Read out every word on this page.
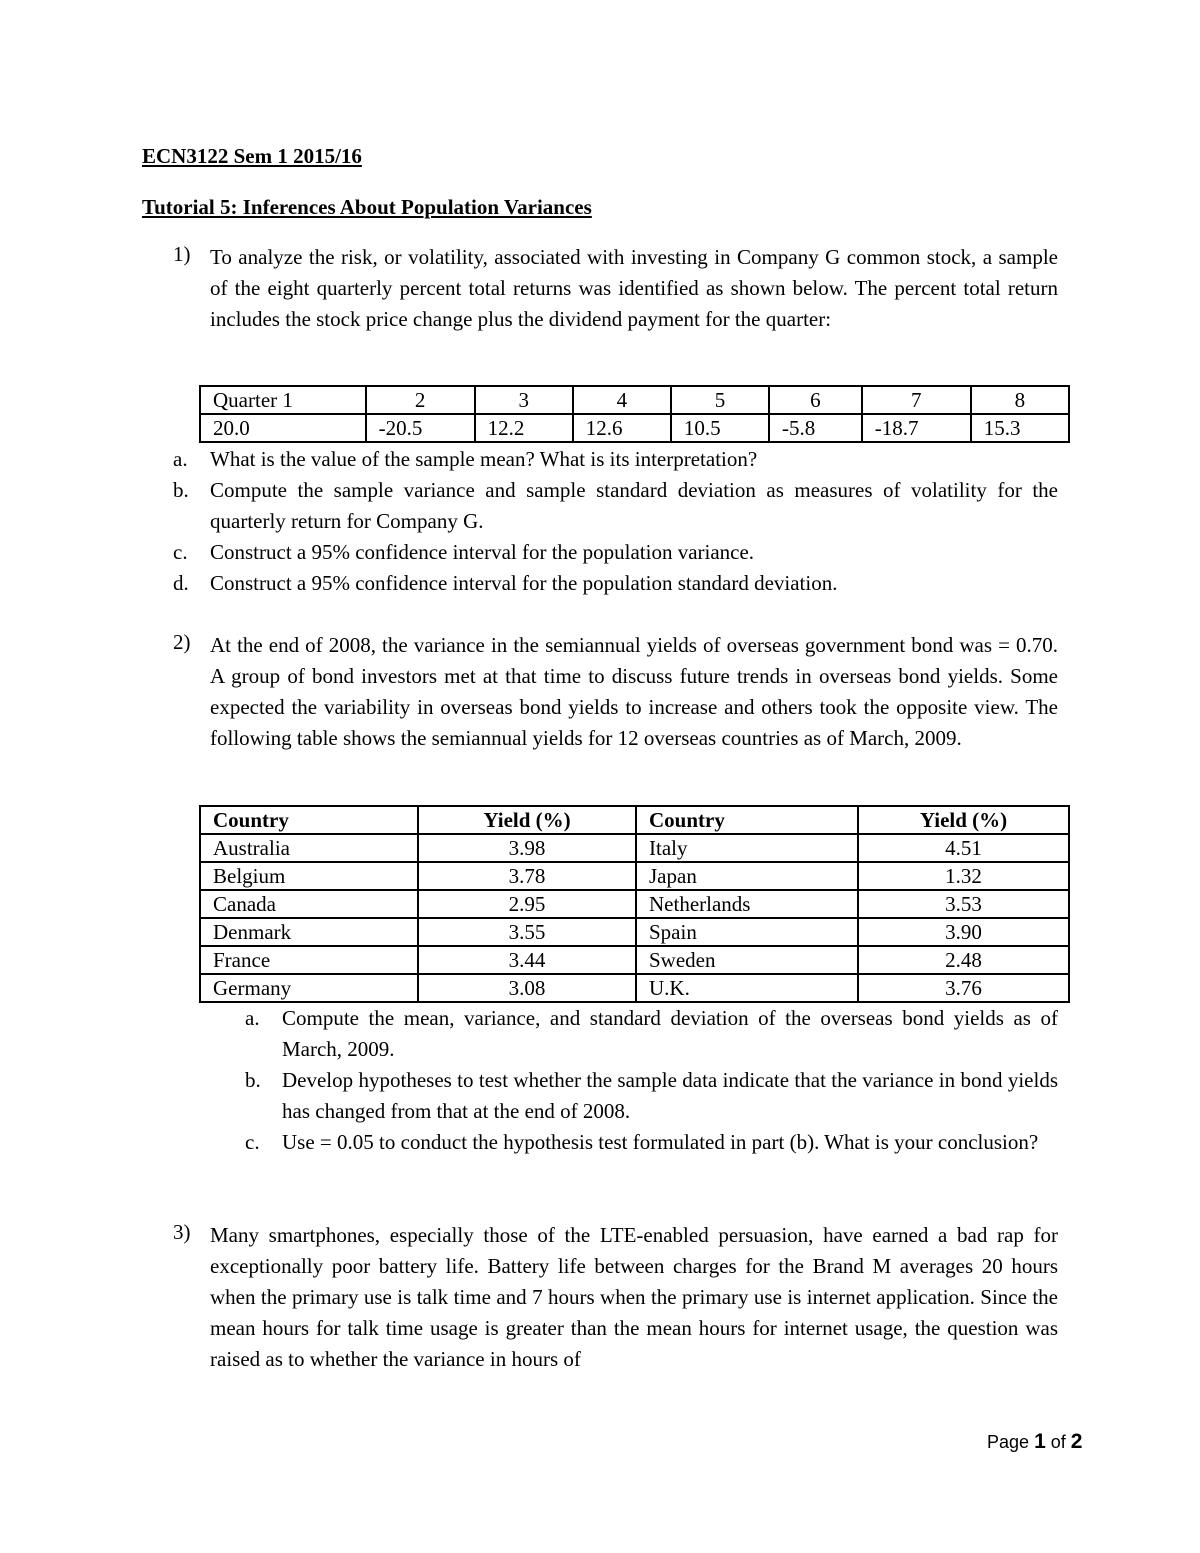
ECN3122 Sem 1 2015/16
Tutorial 5: Inferences About Population Variances
1) To analyze the risk, or volatility, associated with investing in Company G common stock, a sample of the eight quarterly percent total returns was identified as shown below. The percent total return includes the stock price change plus the dividend payment for the quarter:
Quarter 1	2	3	4	5	6	7	8
20.0	-20.5	12.2	12.6	10.5	-5.8	-18.7	15.3
a. What is the value of the sample mean? What is its interpretation?
b. Compute the sample variance and sample standard deviation as measures of volatility for the quarterly return for Company G.
c. Construct a 95% confidence interval for the population variance.
d. Construct a 95% confidence interval for the population standard deviation.
2) At the end of 2008, the variance in the semiannual yields of overseas government bond was = 0.70. A group of bond investors met at that time to discuss future trends in overseas bond yields. Some expected the variability in overseas bond yields to increase and others took the opposite view. The following table shows the semiannual yields for 12 overseas countries as of March, 2009.
Country	Yield (%)	Country	Yield (%)
Australia	3.98	Italy	4.51
Belgium	3.78	Japan	1.32
Canada	2.95	Netherlands	3.53
Denmark	3.55	Spain	3.90
France	3.44	Sweden	2.48
Germany	3.08	U.K.	3.76
a. Compute the mean, variance, and standard deviation of the overseas bond yields as of March, 2009.
b. Develop hypotheses to test whether the sample data indicate that the variance in bond yields has changed from that at the end of 2008.
c. Use = 0.05 to conduct the hypothesis test formulated in part (b). What is your conclusion?
3) Many smartphones, especially those of the LTE-enabled persuasion, have earned a bad rap for exceptionally poor battery life. Battery life between charges for the Brand M averages 20 hours when the primary use is talk time and 7 hours when the primary use is internet application. Since the mean hours for talk time usage is greater than the mean hours for internet usage, the question was raised as to whether the variance in hours of
Page 1 of 2
